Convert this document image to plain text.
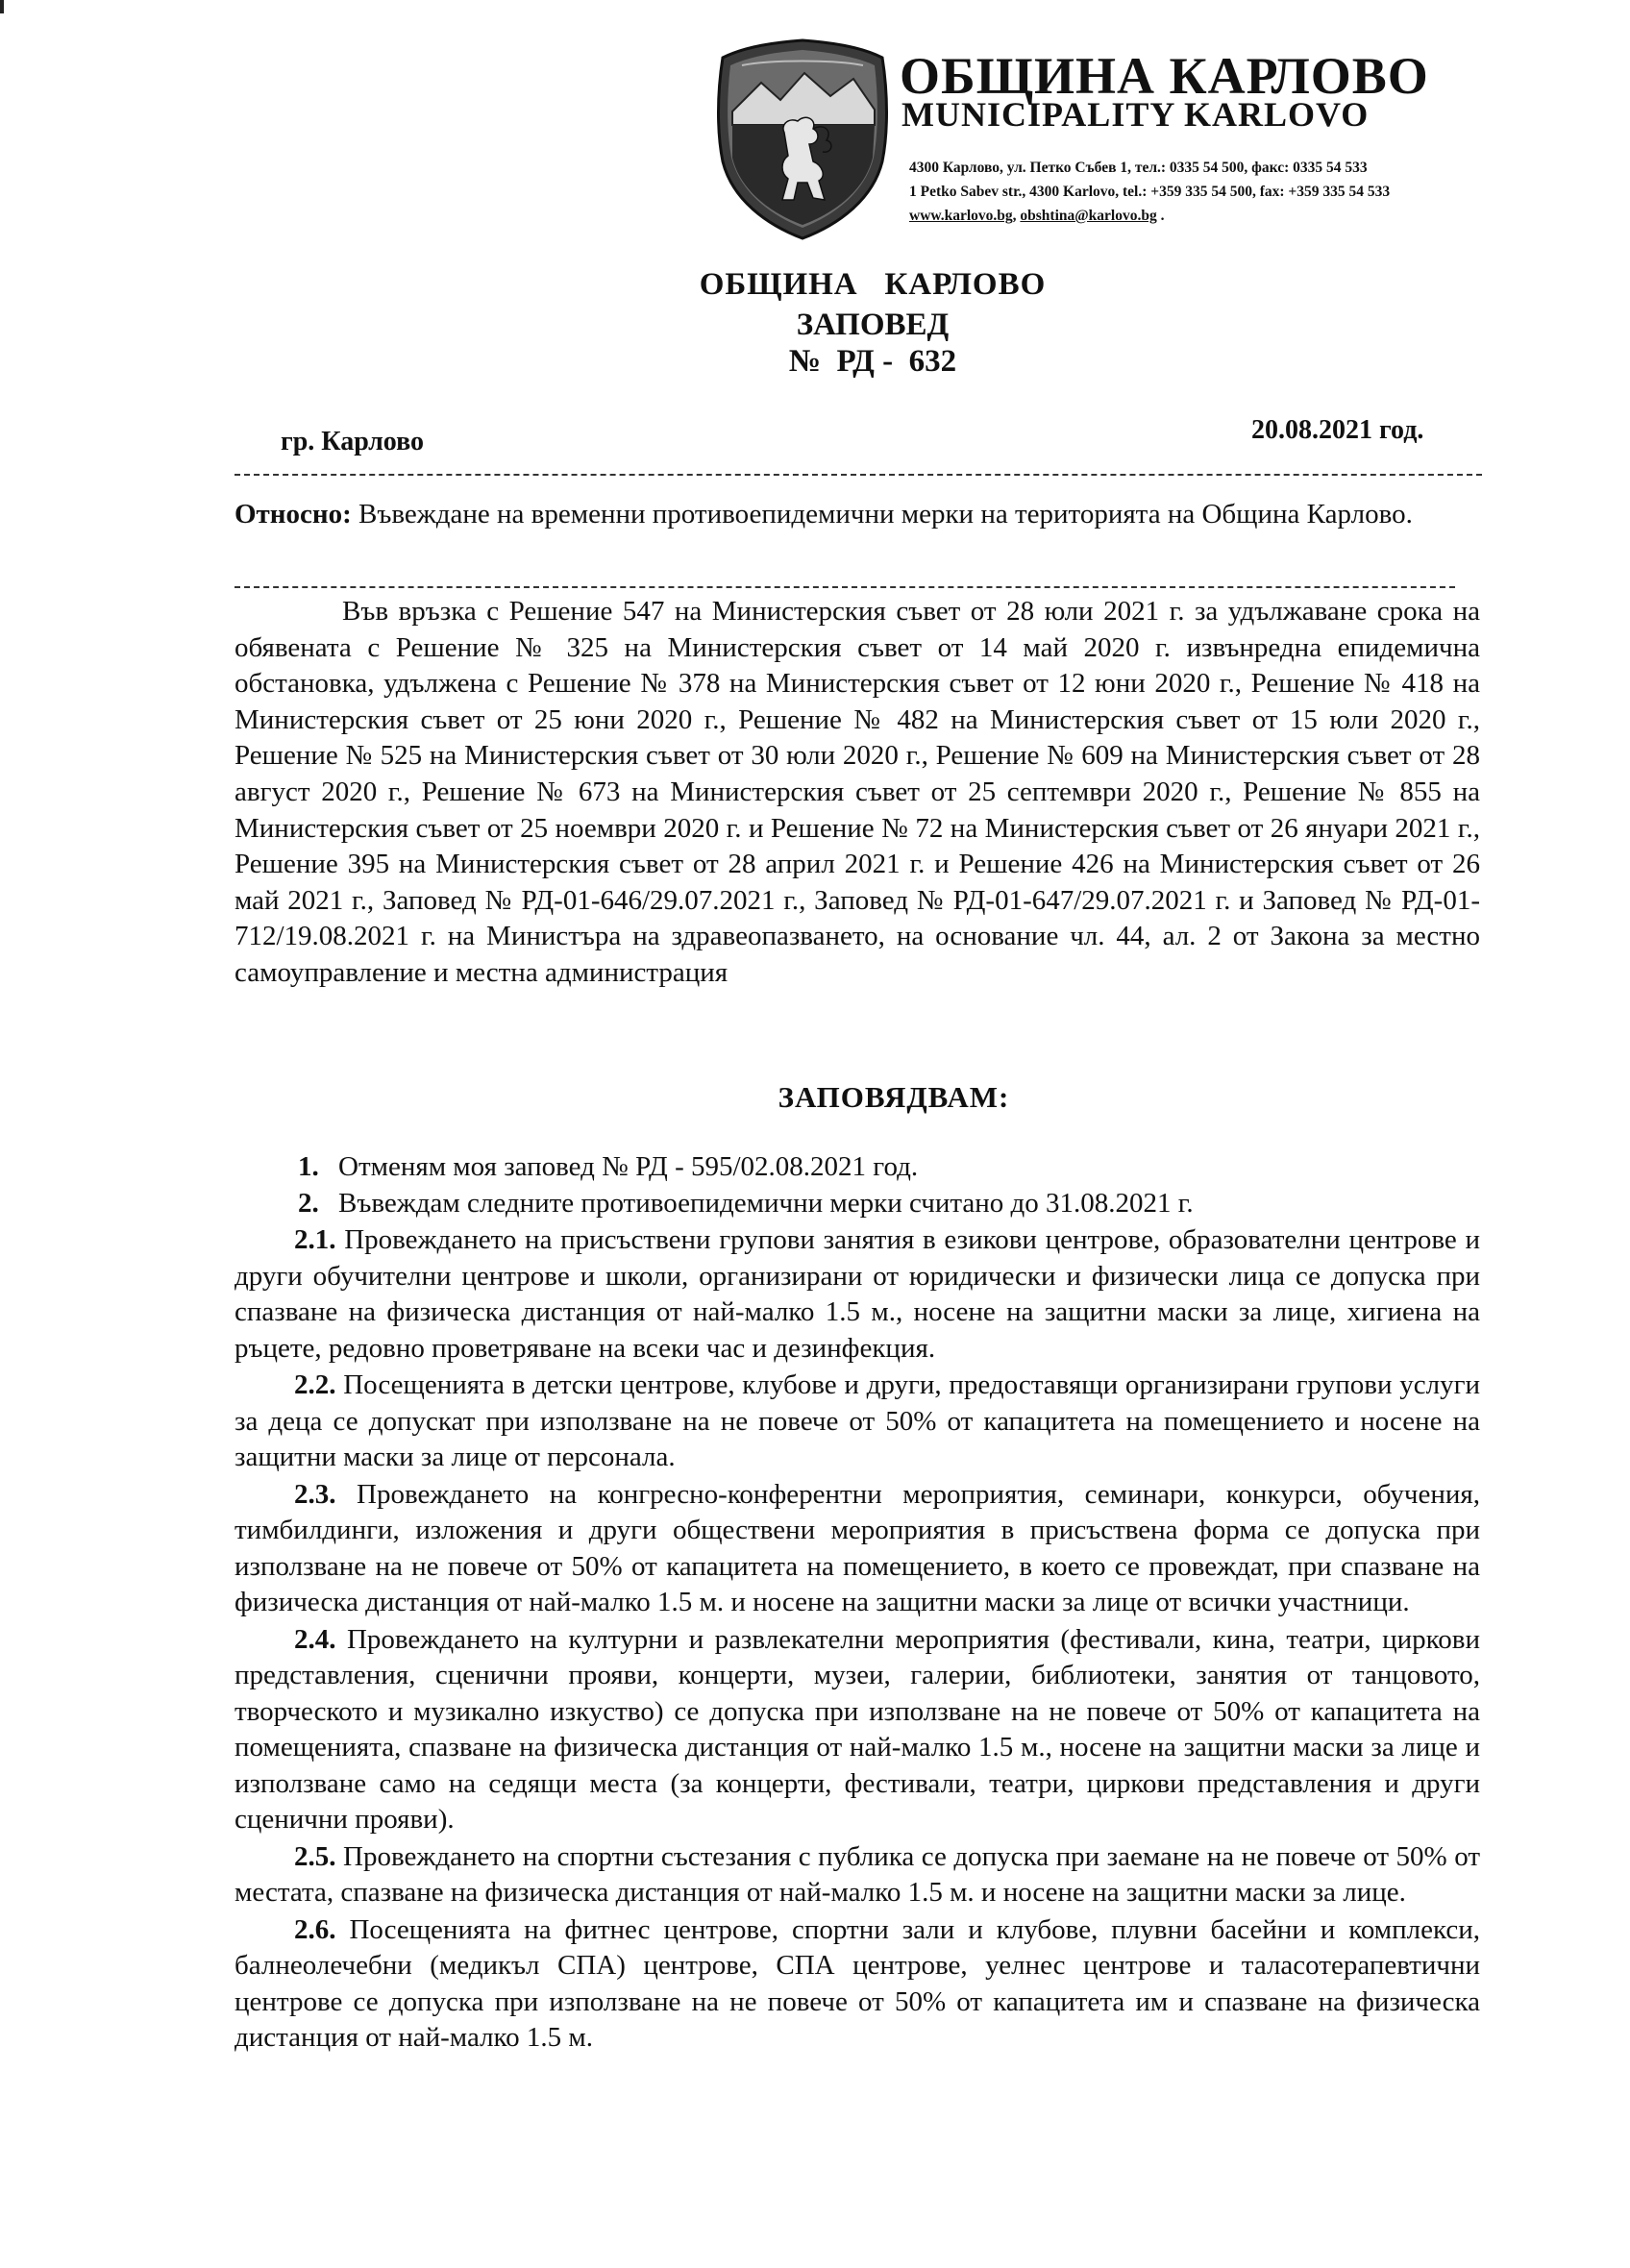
ОБЩИНА КАРЛОВО
MUNICIPALITY KARLOVO
4300 Карлово, ул. Петко Събев 1, тел.: 0335 54 500, факс: 0335 54 533
1 Petko Sabev str., 4300 Karlovo, tel.: +359 335 54 500, fax: +359 335 54 533
www.karlovo.bg, obshtina@karlovo.bg .
ОБЩИНА   КАРЛОВО
ЗАПОВЕД
№  РД -  632
гр. Карлово	20.08.2021 год.
Относно: Въвеждане на временни противоепидемични мерки на територията на Община Карлово.
Във връзка с Решение 547 на Министерския съвет от 28 юли 2021 г. за удължаване срока на обявената с Решение № 325 на Министерския съвет от 14 май 2020 г. извънредна епидемична обстановка, удължена с Решение № 378 на Министерския съвет от 12 юни 2020 г., Решение № 418 на Министерския съвет от 25 юни 2020 г., Решение № 482 на Министерския съвет от 15 юли 2020 г., Решение № 525 на Министерския съвет от 30 юли 2020 г., Решение № 609 на Министерския съвет от 28 август 2020 г., Решение № 673 на Министерския съвет от 25 септември 2020 г., Решение № 855 на Министерския съвет от 25 ноември 2020 г. и Решение № 72 на Министерския съвет от 26 януари 2021 г., Решение 395 на Министерския съвет от 28 април 2021 г. и Решение 426 на Министерския съвет от 26 май 2021 г., Заповед № РД-01-646/29.07.2021 г., Заповед № РД-01-647/29.07.2021 г. и Заповед № РД-01-712/19.08.2021 г. на Министъра на здравеопазването, на основание чл. 44, ал. 2 от Закона за местно самоуправление и местна администрация
ЗАПОВЯДВАМ:
1. Отменям моя заповед № РД - 595/02.08.2021 год.
2. Въвеждам следните противоепидемични мерки считано до 31.08.2021 г.
2.1. Провеждането на присъствени групови занятия в езикови центрове, образователни центрове и други обучителни центрове и школи, организирани от юридически и физически лица се допуска при спазване на физическа дистанция от най-малко 1.5 м., носене на защитни маски за лице, хигиена на ръцете, редовно проветряване на всеки час и дезинфекция.
2.2. Посещенията в детски центрове, клубове и други, предоставящи организирани групови услуги за деца се допускат при използване на не повече от 50% от капацитета на помещението и носене на защитни маски за лице от персонала.
2.3. Провеждането на конгресно-конферентни мероприятия, семинари, конкурси, обучения, тимбилдинги, изложения и други обществени мероприятия в присъствена форма се допуска при използване на не повече от 50% от капацитета на помещението, в което се провеждат, при спазване на физическа дистанция от най-малко 1.5 м. и носене на защитни маски за лице от всички участници.
2.4. Провеждането на културни и развлекателни мероприятия (фестивали, кина, театри, циркови представления, сценични прояви, концерти, музеи, галерии, библиотеки, занятия от танцовото, творческото и музикално изкуство) се допуска при използване на не повече от 50% от капацитета на помещенията, спазване на физическа дистанция от най-малко 1.5 м., носене на защитни маски за лице и използване само на седящи места (за концерти, фестивали, театри, циркови представления и други сценични прояви).
2.5. Провеждането на спортни състезания с публика се допуска при заемане на не повече от 50% от местата, спазване на физическа дистанция от най-малко 1.5 м. и носене на защитни маски за лице.
2.6. Посещенията на фитнес центрове, спортни зали и клубове, плувни басейни и комплекси, балнеолечебни (медикъл СПА) центрове, СПА центрове, уелнес центрове и таласотерапевтични центрове се допуска при използване на не повече от 50% от капацитета им и спазване на физическа дистанция от най-малко 1.5 м.
